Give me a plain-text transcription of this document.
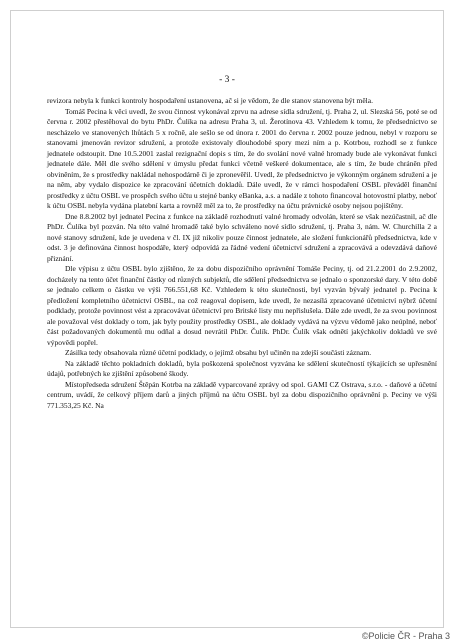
- 3 -

revizora nebyla k funkci kontroly hospodaření ustanovena, ač si je vědom, že dle stanov stanovena být měla.

Tomáš Pecina k věci uvedl, že svou činnost vykonával zprvu na adrese sídla sdružení, tj. Praha 2, ul. Slezská 56, poté se od června r. 2002 přestěhoval do bytu PhDr. Čulíka na adresu Praha 3, ul. Žerotínova 43. Vzhledem k tomu, že předsednictvo se nescházelo ve stanovených lhůtách 5 x ročně, ale sešlo se od února r. 2001 do června r. 2002 pouze jednou, nebyl v rozporu se stanovami jmenován revizor sdružení, a protože existovaly dlouhodobé spory mezi ním a p. Kotrbou, rozhodl se z funkce jednatele odstoupit. Dne 10.5.2001 zaslal rezignační dopis s tím, že do svolání nové valné hromady bude ale vykonávat funkci jednatele dále. Měl dle svého sdělení v úmyslu předat funkci včetně veškeré dokumentace, ale s tím, že bude chráněn před obviněním, že s prostředky nakládal nehospodárně či je zpronevěřil. Uvedl, že předsednictvo je výkonným orgánem sdružení a je na něm, aby vydalo dispozice ke zpracování účetních dokladů. Dále uvedl, že v rámci hospodaření OSBL převáděl finanční prostředky z účtu OSBL ve prospěch svého účtu u stejné banky eBanka, a.s. a nadále z tohoto financoval hotovostní platby, neboť k účtu OSBL nebyla vydána platební karta a rovněž měl za to, že prostředky na účtu právnické osoby nejsou pojištěny.

Dne 8.8.2002 byl jednatel Pecina z funkce na základě rozhodnutí valné hromady odvolán, které se však nezúčastnil, ač dle PhDr. Čulíka byl pozván. Na této valné hromadě také bylo schváleno nové sídlo sdružení, tj. Praha 3, nám. W. Churchilla 2 a nové stanovy sdružení, kde je uvedena v čl. IX již nikoliv pouze činnost jednatele, ale složení funkcionářů předsednictva, kde v odst. 3 je definována činnost hospodáře, který odpovídá za řádné vedení účetnictví sdružení a zpracovává a odevzdává daňové přiznání.

Dle výpisu z účtu OSBL bylo zjištěno, že za dobu dispozičního oprávnění Tomáše Peciny, tj. od 21.2.2001 do 2.9.2002, docházely na tento účet finanční částky od různých subjektů, dle sdělení předsednictva se jednalo o sponzorské dary. V této době se jednalo celkem o částku ve výši 766.551,68 Kč. Vzhledem k této skutečnosti, byl vyzván bývalý jednatel p. Pecina k předložení kompletního účetnictví OSBL, na což reagoval dopisem, kde uvedl, že nezasílá zpracované účetnictví nýbrž účetní podklady, protože povinnost vést a zpracovávat účetnictví pro Britské listy mu nepřislušela. Dále zde uvedl, že za svou povinnost ale považoval vést doklady o tom, jak byly použity prostředky OSBL, ale doklady vydává na výzvu vědomě jako neúplné, neboť část požadovaných dokumentů mu odňal a dosud nevrátil PhDr. Čulík. PhDr. Čulík však odnětí jakýchkoliv dokladů ve své výpovědi popřel.

Zásilka tedy obsahovala různé účetní podklady, o jejímž obsahu byl učiněn na zdejší součásti záznam.

Na základě těchto pokladních dokladů, byla poškozená společnost vyzvána ke sdělení skutečností týkajících se upřesnění údajů, potřebných ke zjištění způsobené škody.

Místopředseda sdružení Štěpán Kotrba na základě vyparcované zprávy od spol. GAMI CZ Ostrava, s.r.o. - daňové a účetní centrum, uvádí, že celkový příjem darů a jiných příjmů na účtu OSBL byl za dobu dispozičního oprávnění p. Peciny ve výši 771.353,25 Kč. Na

©Policie ČR - Praha 3
